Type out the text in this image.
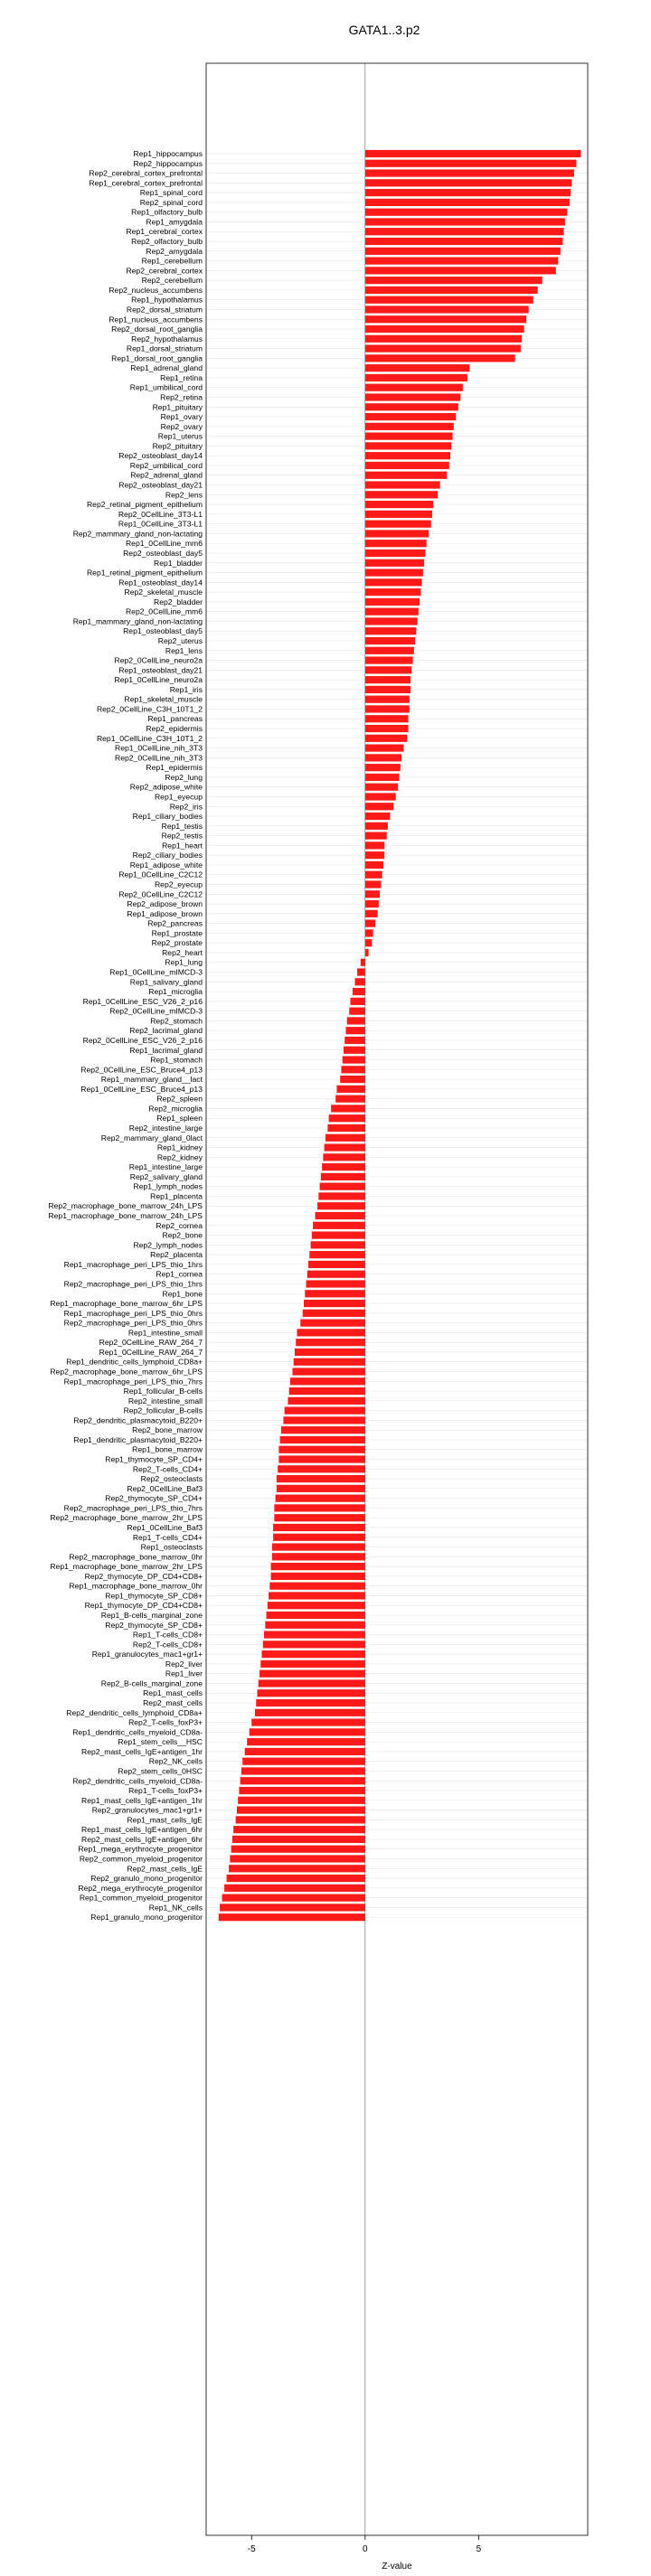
GATA1..3.p2
Rep1_hippocampus
Rep2_hippocampus
Rep2_cerebral_cortex_prefrontal
Rep1_cerebral_cortex_prefrontal
Rep1_spinal_cord
Rep2_spinal_cord
Rep1_olfactory_bulb
Rep1_amygdala
Rep1_cerebral_cortex
Rep2_olfactory_bulb
Rep2_amygdala
Rep1_cerebellum
Rep2_cerebral_cortex
Rep2_cerebellum
Rep2_nucleus_accumbens
Rep1_hypothalamus
Rep2_dorsal_striatum
Rep1_nucleus_accumbens
Rep2_dorsal_root_ganglia
Rep2_hypothalamus
Rep1_dorsal_striatum
Rep1_dorsal_root_ganglia
Rep1_adrenal_gland
Rep1_retina
Rep1_umbilical_cord
Rep2_retina
Rep1_pituitary
Rep1_ovary
Rep2_ovary
Rep1_uterus
Rep2_pituitary
Rep2_osteoblast_day14
Rep2_umbilical_cord
Rep2_adrenal_gland
Rep2_osteoblast_day21
Rep2_lens
Rep2_retinal_pigment_epithelium
Rep2_0CellLine_3T3-L1
Rep1_0CellLine_3T3-L1
Rep2_mammary_gland_non-lactating
Rep1_0CellLine_mm6
Rep2_osteoblast_day5
Rep1_bladder
Rep1_retinal_pigment_epithelium
Rep1_osteoblast_day14
Rep2_skeletal_muscle
Rep2_bladder
Rep2_0CellLine_mm6
Rep1_mammary_gland_non-lactating
Rep1_osteoblast_day5
Rep2_uterus
Rep1_lens
Rep2_0CellLine_neuro2a
Rep1_osteoblast_day21
Rep1_0CellLine_neuro2a
Rep1_iris
Rep1_skeletal_muscle
Rep2_0CellLine_C3H_10T1_2
Rep1_pancreas
Rep2_epidermis
Rep1_0CellLine_C3H_10T1_2
Rep1_0CellLine_nih_3T3
Rep2_0CellLine_nih_3T3
Rep1_epidermis
Rep2_lung
Rep2_adipose_white
Rep1_eyecup
Rep2_iris
Rep1_ciliary_bodies
Rep1_testis
Rep2_testis
Rep1_heart
Rep2_ciliary_bodies
Rep1_adipose_white
Rep1_0CellLine_C2C12
Rep2_eyecup
Rep2_0CellLine_C2C12
Rep2_adipose_brown
Rep1_adipose_brown
Rep2_pancreas
Rep1_prostate
Rep2_prostate
Rep2_heart
Rep1_lung
Rep1_0CellLine_mIMCD-3
Rep1_salivary_gland
Rep1_microglia
Rep1_0CellLine_ESC_V26_2_p16
Rep2_0CellLine_mIMCD-3
Rep2_stomach
Rep2_lacrimal_gland
Rep2_0CellLine_ESC_V26_2_p16
Rep1_lacrimal_gland
Rep1_stomach
Rep2_0CellLine_ESC_Bruce4_p13
Rep1_mammary_gland__lact
Rep1_0CellLine_ESC_Bruce4_p13
Rep2_spleen
Rep2_microglia
Rep1_spleen
Rep2_intestine_large
Rep2_mammary_gland_0lact
Rep1_kidney
Rep2_kidney
Rep1_intestine_large
Rep2_salivary_gland
Rep1_lymph_nodes
Rep1_placenta
Rep2_macrophage_bone_marrow_24h_LPS
Rep1_macrophage_bone_marrow_24h_LPS
Rep2_cornea
Rep2_bone
Rep2_lymph_nodes
Rep2_placenta
Rep1_macrophage_peri_LPS_thio_1hrs
Rep1_cornea
Rep2_macrophage_peri_LPS_thio_1hrs
Rep1_bone
Rep1_macrophage_bone_marrow_6hr_LPS
Rep1_macrophage_peri_LPS_thio_0hrs
Rep2_macrophage_peri_LPS_thio_0hrs
Rep1_intestine_small
Rep2_0CellLine_RAW_264_7
Rep1_0CellLine_RAW_264_7
Rep1_dendritic_cells_lymphoid_CD8a+
Rep2_macrophage_bone_marrow_6hr_LPS
Rep1_macrophage_peri_LPS_thio_7hrs
Rep1_follicular_B-cells
Rep2_intestine_small
Rep2_follicular_B-cells
Rep2_dendritic_plasmacytoid_B220+
Rep2_bone_marrow
Rep1_dendritic_plasmacytoid_B220+
Rep1_bone_marrow
Rep1_thymocyte_SP_CD4+
Rep2_T-cells_CD4+
Rep2_osteoclasts
Rep2_0CellLine_Baf3
Rep2_thymocyte_SP_CD4+
Rep2_macrophage_peri_LPS_thio_7hrs
Rep2_macrophage_bone_marrow_2hr_LPS
Rep1_0CellLine_Baf3
Rep1_T-cells_CD4+
Rep1_osteoclasts
Rep2_macrophage_bone_marrow_0hr
Rep1_macrophage_bone_marrow_2hr_LPS
Rep2_thymocyte_DP_CD4+CD8+
Rep1_macrophage_bone_marrow_0hr
Rep1_thymocyte_SP_CD8+
Rep1_thymocyte_DP_CD4+CD8+
Rep1_B-cells_marginal_zone
Rep2_thymocyte_SP_CD8+
Rep1_T-cells_CD8+
Rep2_T-cells_CD8+
Rep1_granulocytes_mac1+gr1+
Rep2_liver
Rep1_liver
Rep2_B-cells_marginal_zone
Rep1_mast_cells
Rep2_mast_cells
Rep2_dendritic_cells_lymphoid_CD8a+
Rep2_T-cells_foxP3+
Rep1_dendritic_cells_myeloid_CD8a-
Rep1_stem_cells__HSC
Rep2_mast_cells_IgE+antigen_1hr
Rep2_NK_cells
Rep2_stem_cells_0HSC
Rep2_dendritic_cells_myeloid_CD8a-
Rep1_T-cells_foxP3+
Rep1_mast_cells_IgE+antigen_1hr
Rep2_granulocytes_mac1+gr1+
Rep1_mast_cells_IgE
Rep1_mast_cells_IgE+antigen_6hr
Rep2_mast_cells_IgE+antigen_6hr
Rep1_mega_erythrocyte_progenitor
Rep2_common_myeloid_progenitor
Rep2_mast_cells_IgE
Rep2_granulo_mono_progenitor
Rep2_mega_erythrocyte_progenitor
Rep1_common_myeloid_progenitor
Rep1_NK_cells
Rep1_granulo_mono_progenitor
-5	0	5
Z-value
